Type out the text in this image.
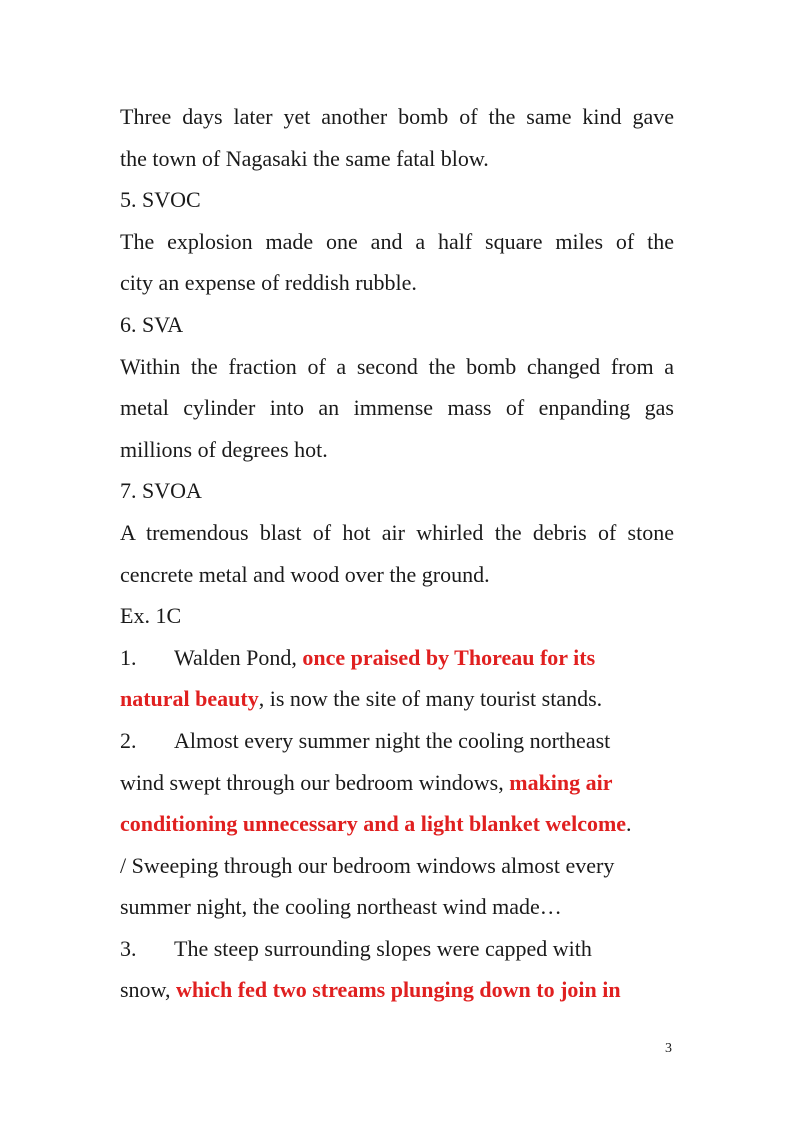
Three days later yet another bomb of the same kind gave
the town of Nagasaki the same fatal blow.
5. SVOC
The explosion made one and a half square miles of the
city an expense of reddish rubble.
6. SVA
Within the fraction of a second the bomb changed from a
metal cylinder into an immense mass of enpanding gas
millions of degrees hot.
7. SVOA
A tremendous blast of hot air whirled the debris of stone
cencrete metal and wood over the ground.
Ex. 1C
1. Walden Pond, once praised by Thoreau for its
natural beauty, is now the site of many tourist stands.
2. Almost every summer night the cooling northeast
wind swept through our bedroom windows, making air
conditioning unnecessary and a light blanket welcome.
/ Sweeping through our bedroom windows almost every
summer night, the cooling northeast wind made…
3. The steep surrounding slopes were capped with
snow, which fed two streams plunging down to join in
3
